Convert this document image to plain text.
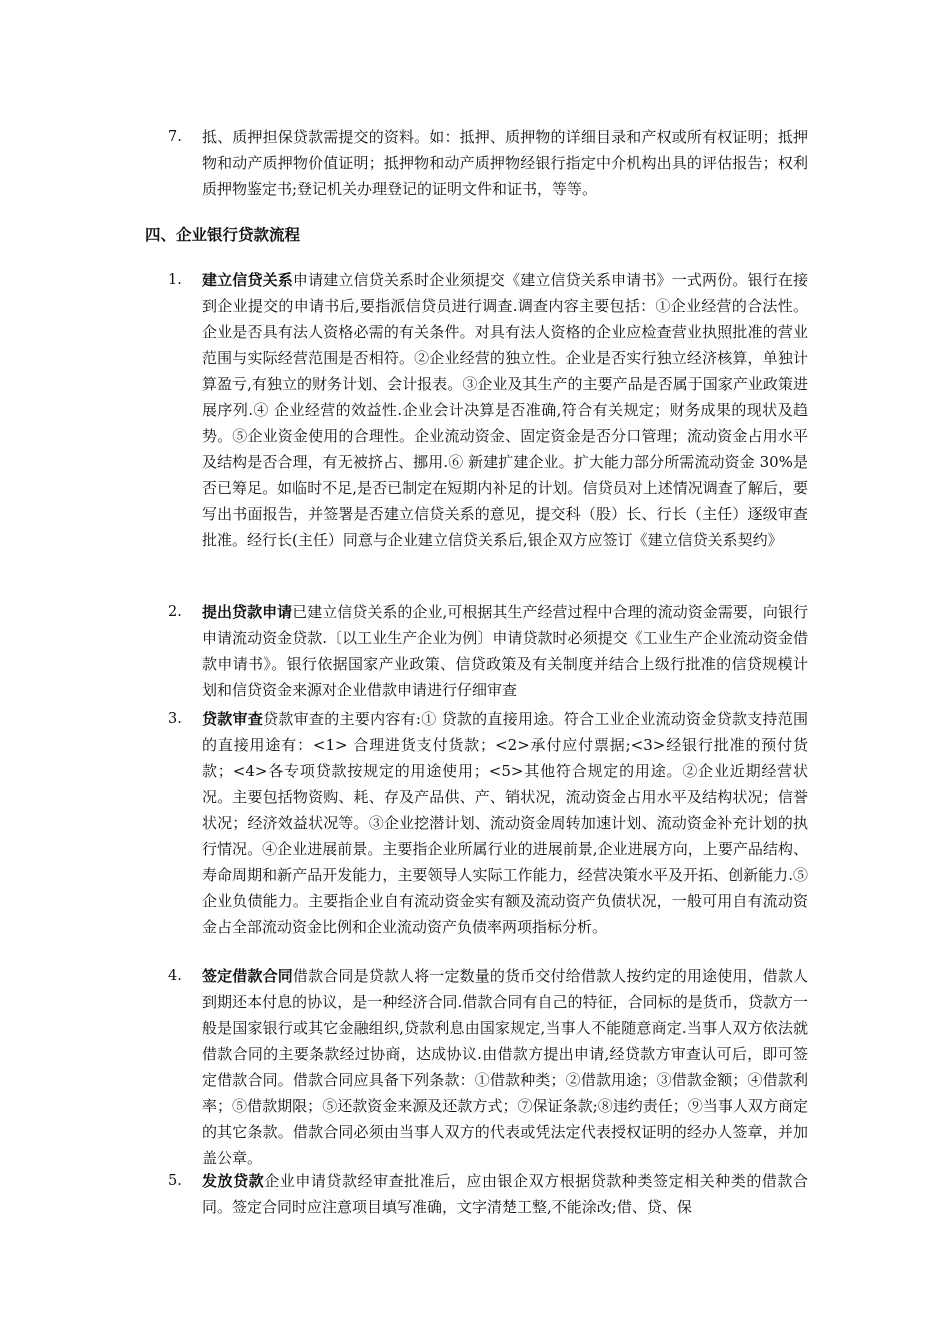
7.	抵、质押担保贷款需提交的资料。如：抵押、质押物的详细目录和产权或所有权证明；抵押物和动产质押物价值证明；抵押物和动产质押物经银行指定中介机构出具的评估报告；权利质押物鉴定书;登记机关办理登记的证明文件和证书，等等。
四、企业银行贷款流程
1.	建立信贷关系申请建立信贷关系时企业须提交《建立信贷关系申请书》一式两份。银行在接到企业提交的申请书后,要指派信贷员进行调查.调查内容主要包括：①企业经营的合法性。企业是否具有法人资格必需的有关条件。对具有法人资格的企业应检查营业执照批准的营业范围与实际经营范围是否相符。②企业经营的独立性。企业是否实行独立经济核算，单独计算盈亏,有独立的财务计划、会计报表。③企业及其生产的主要产品是否属于国家产业政策进展序列.④ 企业经营的效益性.企业会计决算是否准确,符合有关规定；财务成果的现状及趋势。⑤企业资金使用的合理性。企业流动资金、固定资金是否分口管理；流动资金占用水平及结构是否合理，有无被挤占、挪用.⑥ 新建扩建企业。扩大能力部分所需流动资金 30%是否已筹足。如临时不足,是否已制定在短期内补足的计划。信贷员对上述情况调查了解后，要写出书面报告，并签署是否建立信贷关系的意见，提交科（股）长、行长（主任）逐级审查批准。经行长(主任）同意与企业建立信贷关系后,银企双方应签订《建立信贷关系契约》
2.	提出贷款申请已建立信贷关系的企业,可根据其生产经营过程中合理的流动资金需要，向银行申请流动资金贷款.〔以工业生产企业为例〕申请贷款时必须提交《工业生产企业流动资金借款申请书》。银行依据国家产业政策、信贷政策及有关制度并结合上级行批准的信贷规模计划和信贷资金来源对企业借款申请进行仔细审查
3.	贷款审查贷款审查的主要内容有:① 贷款的直接用途。符合工业企业流动资金贷款支持范围的直接用途有：<1> 合理进货支付货款；<2>承付应付票据;<3>经银行批准的预付货款；<4>各专项贷款按规定的用途使用；<5>其他符合规定的用途。②企业近期经营状况。主要包括物资购、耗、存及产品供、产、销状况，流动资金占用水平及结构状况；信誉状况；经济效益状况等。③企业挖潜计划、流动资金周转加速计划、流动资金补充计划的执行情况。④企业进展前景。主要指企业所属行业的进展前景,企业进展方向，上要产品结构、寿命周期和新产品开发能力，主要领导人实际工作能力，经营决策水平及开拓、创新能力.⑤ 企业负债能力。主要指企业自有流动资金实有额及流动资产负债状况，一般可用自有流动资金占全部流动资金比例和企业流动资产负债率两项指标分析。
4.	签定借款合同借款合同是贷款人将一定数量的货币交付给借款人按约定的用途使用，借款人到期还本付息的协议，是一种经济合同.借款合同有自己的特征，合同标的是货币，贷款方一般是国家银行或其它金融组织,贷款利息由国家规定,当事人不能随意商定.当事人双方依法就借款合同的主要条款经过协商，达成协议.由借款方提出申请,经贷款方审查认可后，即可签定借款合同。借款合同应具备下列条款：①借款种类；②借款用途；③借款金额；④借款利率；⑤借款期限；⑤还款资金来源及还款方式；⑦保证条款;⑧违约责任；⑨当事人双方商定的其它条款。借款合同必须由当事人双方的代表或凭法定代表授权证明的经办人签章，并加盖公章。
5.	发放贷款企业申请贷款经审查批准后，应由银企双方根据贷款种类签定相关种类的借款合同。签定合同时应注意项目填写准确，文字清楚工整,不能涂改;借、贷、保
